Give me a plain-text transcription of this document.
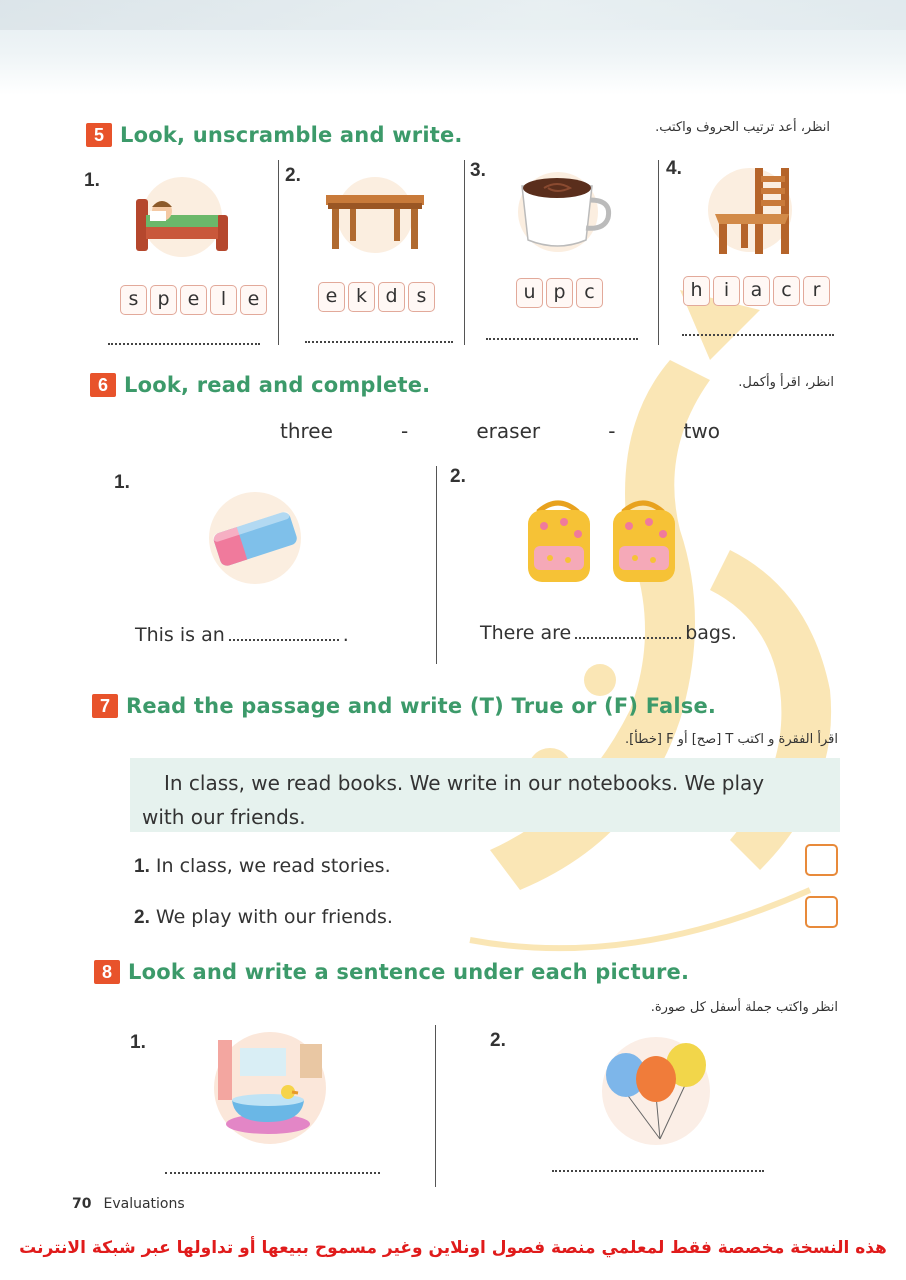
5 Look, unscramble and write.	انظر، أعد ترتيب الحروف واكتب.
1.
s	p e	l	e
2.
e k d	s
3.
u p c
4.
h	i	a c	r
6 Look, read and complete.	انظر، اقرأ وأكمل.
three	-	eraser	-	two
1.
This is an	.
2.
There are	bags.
7 Read the passage and write (T) True or (F) False.
اقرأ الفقرة و اكتب T [صح] أو F [خطأ].
In class, we read books. We write in our notebooks. We play
with our friends.
1. In class, we read stories.
2. We play with our friends.
8 Look and write a sentence under each picture.
انظر واكتب جملة أسفل كل صورة.
1.	2.
70 Evaluations
هذه النسخة مخصصة فقط لمعلمي منصة فصول اونلاين وغير مسموح ببيعها أو تداولها عبر شبكة الانترنت
